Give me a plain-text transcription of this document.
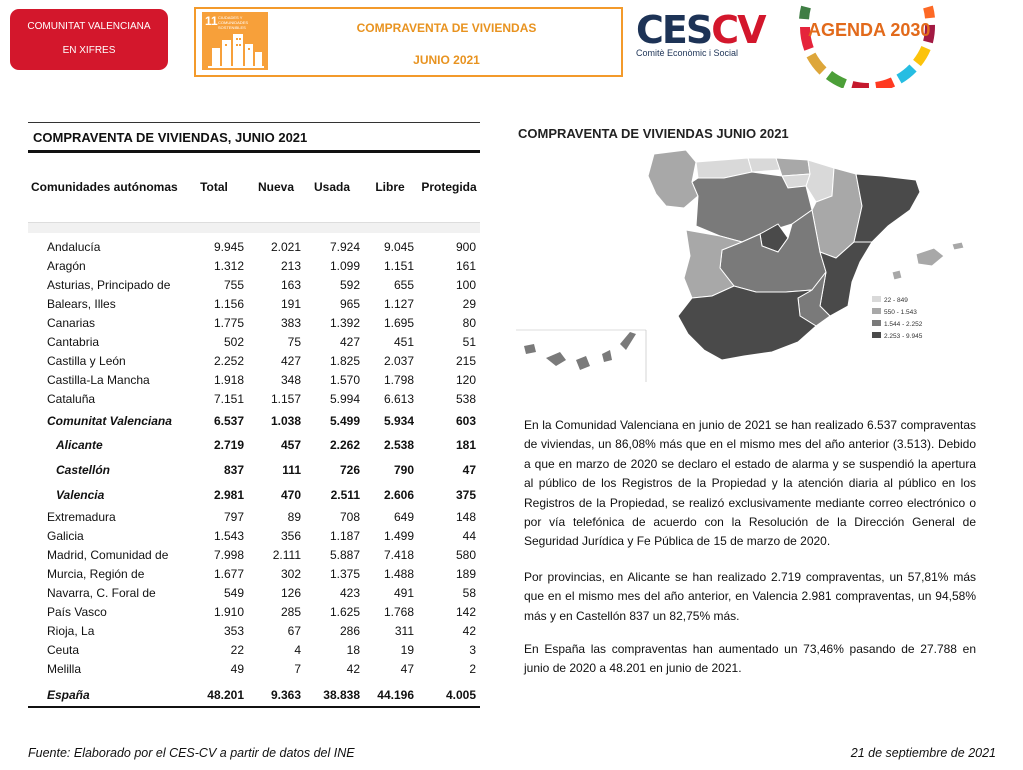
COMUNITAT VALENCIANA
EN XIFRES
11 CIUDADES Y COMUNIDADES SOSTENIBLES	COMPRAVENTA DE VIVIENDAS
JUNIO 2021
CESCV
Comitè Econòmic i Social
AGENDA 2030
COMPRAVENTA DE VIVIENDAS, JUNIO 2021
Comunidades autónomas	Total	Nueva	Usada	Libre	Protegida
Andalucía	9.945	2.021	7.924	9.045	900
Aragón	1.312	213	1.099	1.151	161
Asturias, Principado de	755	163	592	655	100
Balears, Illes	1.156	191	965	1.127	29
Canarias	1.775	383	1.392	1.695	80
Cantabria	502	75	427	451	51
Castilla y León	2.252	427	1.825	2.037	215
Castilla-La Mancha	1.918	348	1.570	1.798	120
Cataluña	7.151	1.157	5.994	6.613	538
Comunitat Valenciana	6.537	1.038	5.499	5.934	603
Alicante	2.719	457	2.262	2.538	181
Castellón	837	111	726	790	47
Valencia	2.981	470	2.511	2.606	375
Extremadura	797	89	708	649	148
Galicia	1.543	356	1.187	1.499	44
Madrid, Comunidad de	7.998	2.111	5.887	7.418	580
Murcia, Región de	1.677	302	1.375	1.488	189
Navarra, C. Foral de	549	126	423	491	58
País Vasco	1.910	285	1.625	1.768	142
Rioja, La	353	67	286	311	42
Ceuta	22	4	18	19	3
Melilla	49	7	42	47	2
España	48.201	9.363	38.838	44.196	4.005
COMPRAVENTA DE VIVIENDAS JUNIO 2021
22 - 849
550 - 1.543
1.544 - 2.252
2.253 - 9.945
En la Comunidad Valenciana en junio de 2021 se han realizado 6.537 compraventas de viviendas, un 86,08% más que en el mismo mes del año anterior (3.513). Debido a que en marzo de 2020 se declaro el estado de alarma y se suspendió la apertura al público de los Registros de la Propiedad y la atención diaria al público en los Registros de la Propiedad, se realizó exclusivamente mediante correo electrónico o por vía telefónica de acuerdo con la Resolución de la Dirección General de Seguridad Jurídica y Fe Pública de 15 de marzo de 2020.
Por provincias, en Alicante se han realizado 2.719 compraventas, un 57,81% más que en el mismo mes del año anterior, en Valencia 2.981 compraventas, un 94,58% más y en Castellón 837 un 82,75% más.
En España las compraventas han aumentado un 73,46% pasando de 27.788 en junio de 2020 a 48.201 en junio de 2021.
Fuente: Elaborado por el CES-CV a partir de datos del INE	21 de septiembre de 2021
